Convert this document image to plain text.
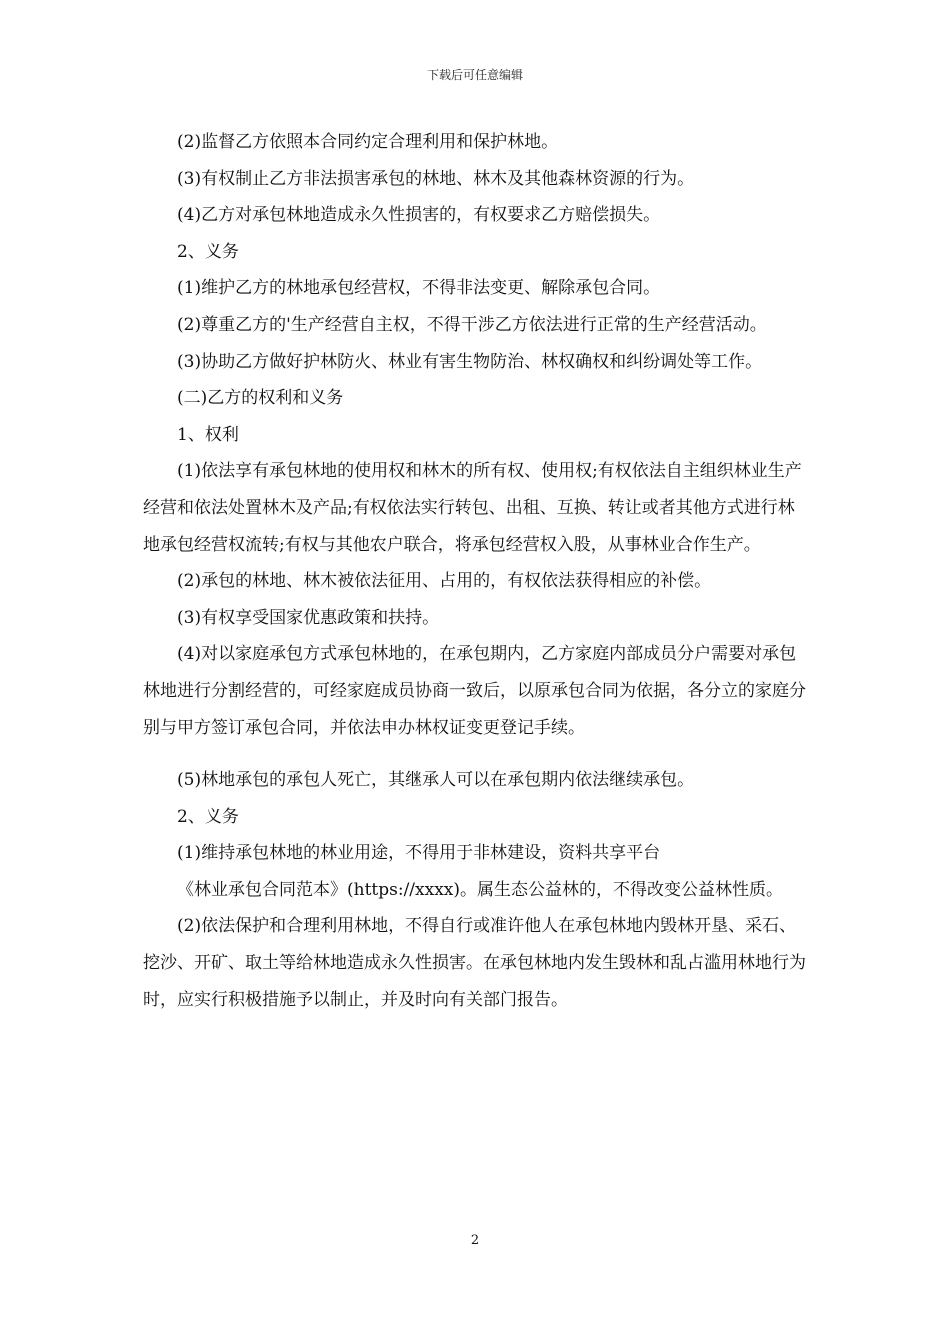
下载后可任意编辑

(2)监督乙方依照本合同约定合理利用和保护林地。

(3)有权制止乙方非法损害承包的林地、林木及其他森林资源的行为。

(4)乙方对承包林地造成永久性损害的，有权要求乙方赔偿损失。

2、义务

(1)维护乙方的林地承包经营权，不得非法变更、解除承包合同。

(2)尊重乙方的'生产经营自主权，不得干涉乙方依法进行正常的生产经营活动。

(3)协助乙方做好护林防火、林业有害生物防治、林权确权和纠纷调处等工作。

(二)乙方的权利和义务

1、权利

(1)依法享有承包林地的使用权和林木的所有权、使用权;有权依法自主组织林业生产经营和依法处置林木及产品;有权依法实行转包、出租、互换、转让或者其他方式进行林地承包经营权流转;有权与其他农户联合，将承包经营权入股，从事林业合作生产。

(2)承包的林地、林木被依法征用、占用的，有权依法获得相应的补偿。

(3)有权享受国家优惠政策和扶持。

(4)对以家庭承包方式承包林地的，在承包期内，乙方家庭内部成员分户需要对承包林地进行分割经营的，可经家庭成员协商一致后，以原承包合同为依据，各分立的家庭分别与甲方签订承包合同，并依法申办林权证变更登记手续。

(5)林地承包的承包人死亡，其继承人可以在承包期内依法继续承包。

2、义务

(1)维持承包林地的林业用途，不得用于非林建设，资料共享平台

《林业承包合同范本》(https://xxxx)。属生态公益林的，不得改变公益林性质。

(2)依法保护和合理利用林地，不得自行或准许他人在承包林地内毁林开垦、采石、挖沙、开矿、取土等给林地造成永久性损害。在承包林地内发生毁林和乱占滥用林地行为时，应实行积极措施予以制止，并及时向有关部门报告。

2
